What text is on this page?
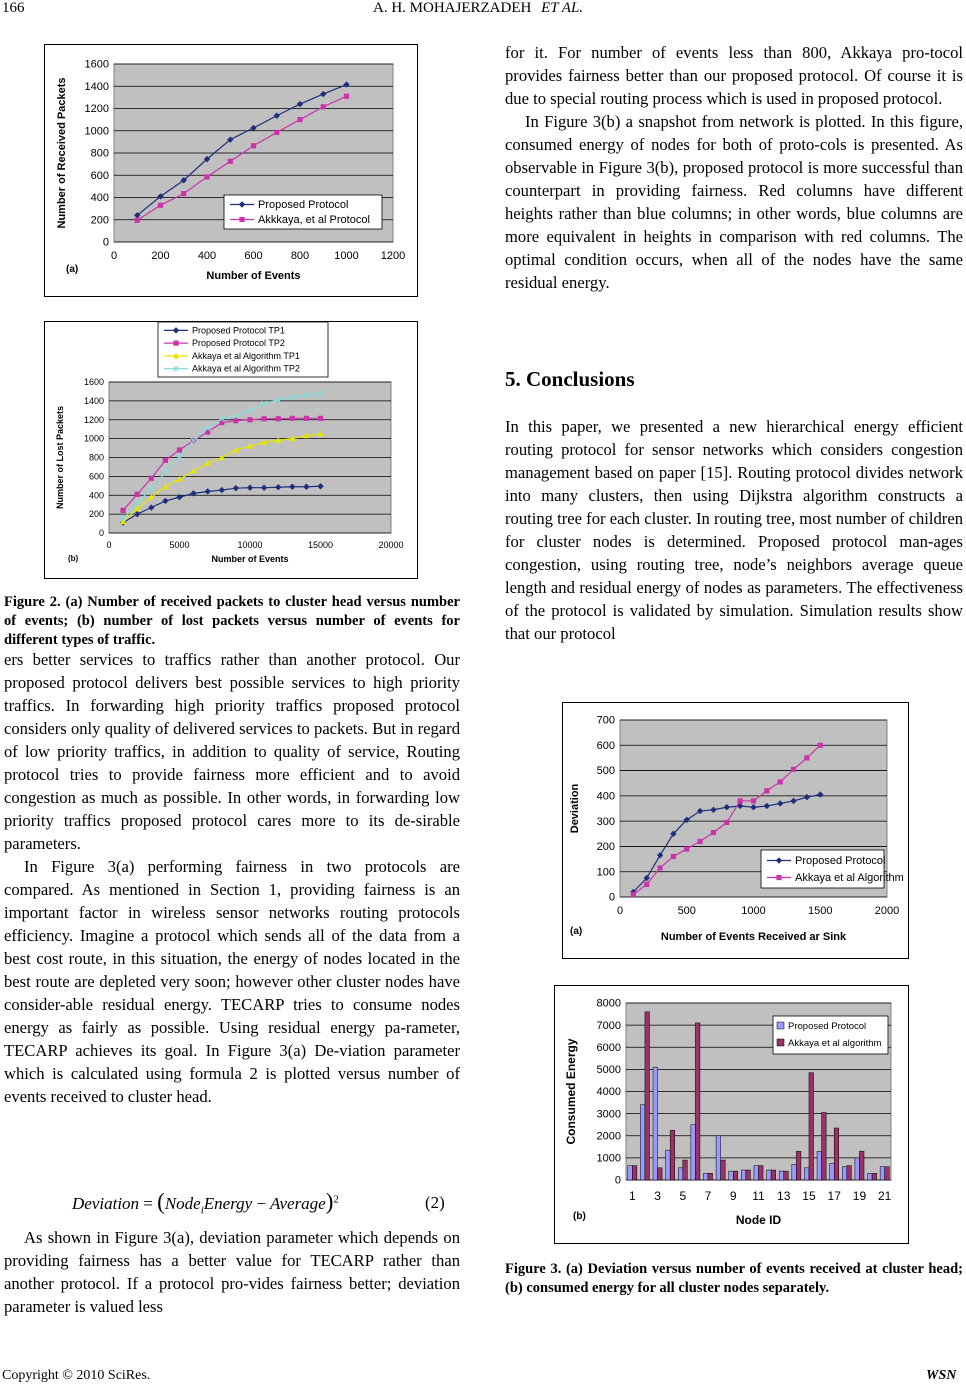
166	A. H. MOHAJERZADEH ET AL.
0
200
400
600
800
1000
1200
1400
1600
0	200	400	600	800 1000 1200
Number of Events
Number of Received Packets
(a)
Proposed Protocol
Akkkaya, et al Protocol
0
200
400
600
800
1000
1200
1400
1600
0	5000	10000	15000	20000
Number of Events
Number of Lost Packets
(b)
Proposed Protocol TP1
Proposed Protocol TP2
Akkaya et al Algorithm TP1
Akkaya et al Algorithm TP2
Figure 2. (a) Number of received packets to cluster head versus number of events; (b) number of lost packets versus number of events for different types of traffic.

ers better services to traffics rather than another protocol. Our proposed protocol delivers best possible services to high priority traffics. In forwarding high priority traffics proposed protocol considers only quality of delivered services to packets. But in regard of low priority traffics, in addition to quality of service, Routing protocol tries to provide fairness more efficient and to avoid congestion as much as possible. In other words, in forwarding low priority traffics proposed protocol cares more to its de-sirable parameters.

In Figure 3(a) performing fairness in two protocols are compared. As mentioned in Section 1, providing fairness is an important factor in wireless sensor networks routing protocols efficiency. Imagine a protocol which sends all of the data from a best cost route, in this situation, the energy of nodes located in the best route are depleted very soon; however other cluster nodes have consider-able residual energy. TECARP tries to consume nodes energy as fairly as possible. Using residual energy pa-rameter, TECARP achieves its goal. In Figure 3(a) De-viation parameter which is calculated using formula 2 is plotted versus number of events received to cluster head.

Deviation = (Node$_i$Energy − Average)$^2$	(2)

As shown in Figure 3(a), deviation parameter which depends on providing fairness has a better value for TECARP rather than another protocol. If a protocol pro-vides fairness better; deviation parameter is valued less

for it. For number of events less than 800, Akkaya pro-tocol provides fairness better than our proposed protocol. Of course it is due to special routing process which is used in proposed protocol.

In Figure 3(b) a snapshot from network is plotted. In this figure, consumed energy of nodes for both of proto-cols is presented. As observable in Figure 3(b), proposed protocol is more successful than counterpart in providing fairness. Red columns have different heights rather than blue columns; in other words, blue columns are more equivalent in heights in comparison with red columns. The optimal condition occurs, when all of the nodes have the same residual energy.

5. Conclusions

In this paper, we presented a new hierarchical energy efficient routing protocol for sensor networks which considers congestion management based on paper [15]. Routing protocol divides network into many clusters, then using Dijkstra algorithm constructs a routing tree for each cluster. In routing tree, most number of children for cluster nodes is determined. Proposed protocol man-ages congestion, using routing tree, node’s neighbors average queue length and residual energy of nodes as parameters. The effectiveness of the protocol is validated by simulation. Simulation results show that our protocol

0
100
200
300
400
500
600
700
0	500	1000	1500	2000
Number of Events Received ar Sink
Deviation
(a)
Proposed Protocol
Akkaya et al Algorithm
0
1000
2000
3000
4000
5000
6000
7000
8000
1 3 5 7 9 11 13 15 17 19 21
Node ID
Consumed Energy
(b)
Proposed Protocol
Akkaya et al algorithm
Figure 3. (a) Deviation versus number of events received at cluster head; (b) consumed energy for all cluster nodes separately.
Copyright © 2010 SciRes.	WSN
